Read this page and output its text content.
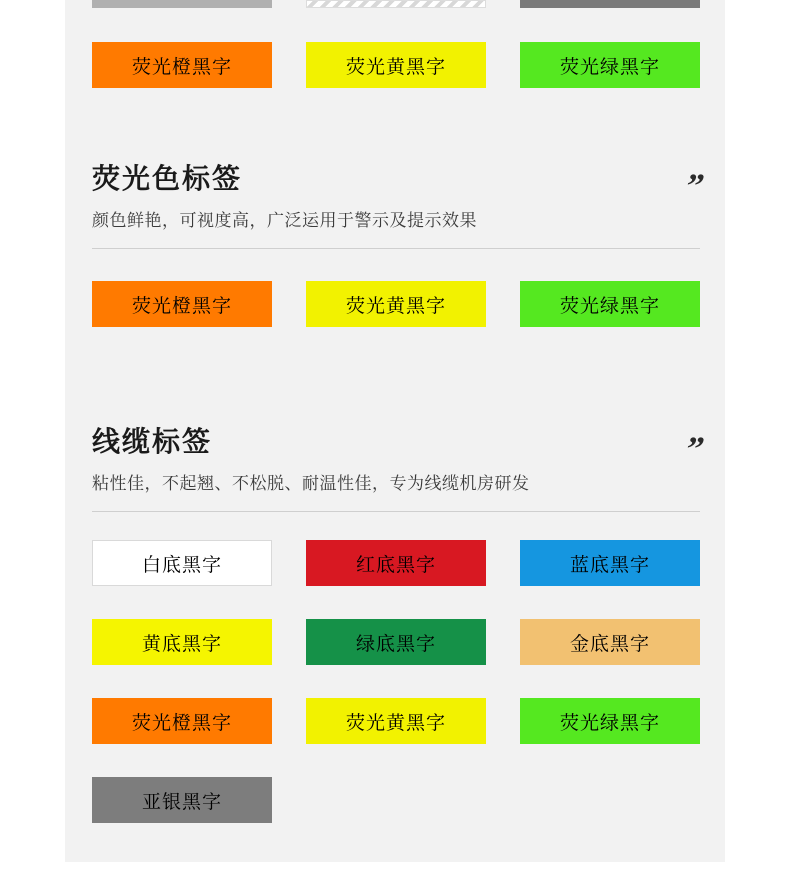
荧光橙黑字	荧光黄黑字	荧光绿黑字
”
荧光色标签

颜色鲜艳，可视度高，广泛运用于警示及提示效果

荧光橙黑字	荧光黄黑字	荧光绿黑字
”
线缆标签

粘性佳，不起翘、不松脱、耐温性佳，专为线缆机房研发

白底黑字	红底黑字	蓝底黑字
黄底黑字	绿底黑字	金底黑字
荧光橙黑字	荧光黄黑字	荧光绿黑字
亚银黑字
